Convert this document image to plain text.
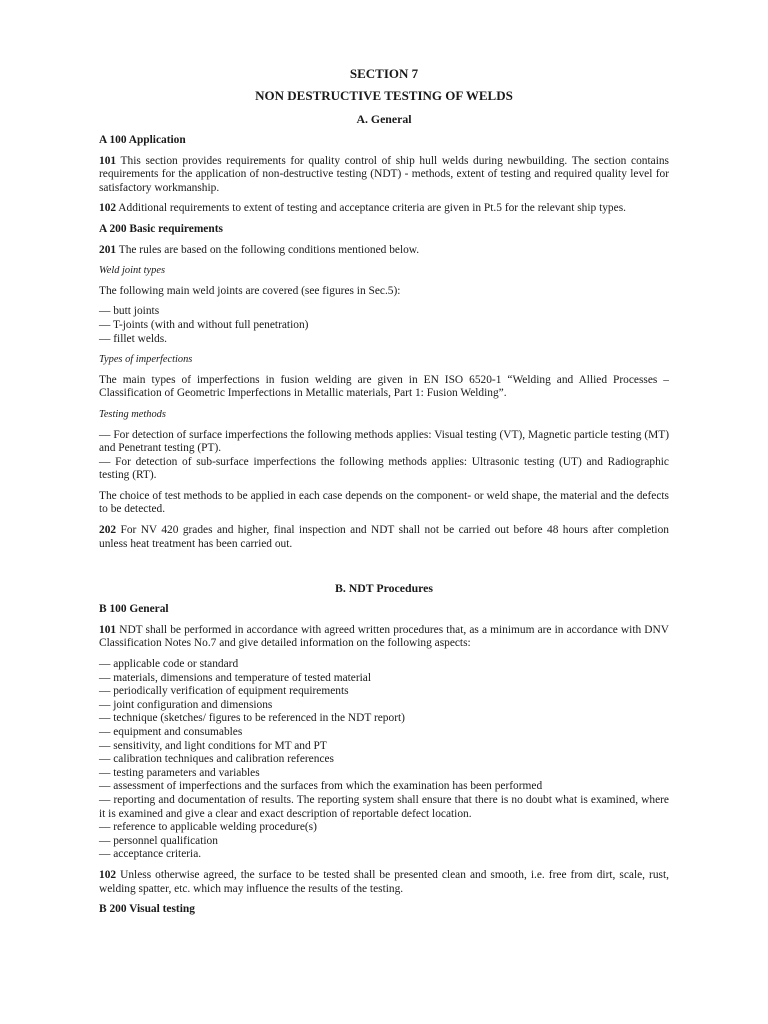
SECTION 7
NON DESTRUCTIVE TESTING OF WELDS
A. General
A 100 Application

101 This section provides requirements for quality control of ship hull welds during newbuilding. The section contains requirements for the application of non-destructive testing (NDT) - methods, extent of testing and required quality level for satisfactory workmanship.

102 Additional requirements to extent of testing and acceptance criteria are given in Pt.5 for the relevant ship types.

A 200 Basic requirements

201 The rules are based on the following conditions mentioned below.

Weld joint types

The following main weld joints are covered (see figures in Sec.5):

— butt joints
— T-joints (with and without full penetration)
— fillet welds.
Types of imperfections

The main types of imperfections in fusion welding are given in EN ISO 6520-1 “Welding and Allied Processes – Classification of Geometric Imperfections in Metallic materials, Part 1: Fusion Welding”.

Testing methods
— For detection of surface imperfections the following methods applies: Visual testing (VT), Magnetic particle testing (MT) and Penetrant testing (PT).
— For detection of sub-surface imperfections the following methods applies: Ultrasonic testing (UT) and Radiographic testing (RT).

The choice of test methods to be applied in each case depends on the component- or weld shape, the material and the defects to be detected.

202 For NV 420 grades and higher, final inspection and NDT shall not be carried out before 48 hours after completion unless heat treatment has been carried out.

B. NDT Procedures
B 100 General

101 NDT shall be performed in accordance with agreed written procedures that, as a minimum are in accordance with DNV Classification Notes No.7 and give detailed information on the following aspects:

— applicable code or standard
— materials, dimensions and temperature of tested material
— periodically verification of equipment requirements
— joint configuration and dimensions
— technique (sketches/ figures to be referenced in the NDT report)
— equipment and consumables
— sensitivity, and light conditions for MT and PT
— calibration techniques and calibration references
— testing parameters and variables
— assessment of imperfections and the surfaces from which the examination has been performed
— reporting and documentation of results. The reporting system shall ensure that there is no doubt what is examined, where it is examined and give a clear and exact description of reportable defect location.
— reference to applicable welding procedure(s)
— personnel qualification
— acceptance criteria.

102 Unless otherwise agreed, the surface to be tested shall be presented clean and smooth, i.e. free from dirt, scale, rust, welding spatter, etc. which may influence the results of the testing.

B 200 Visual testing
